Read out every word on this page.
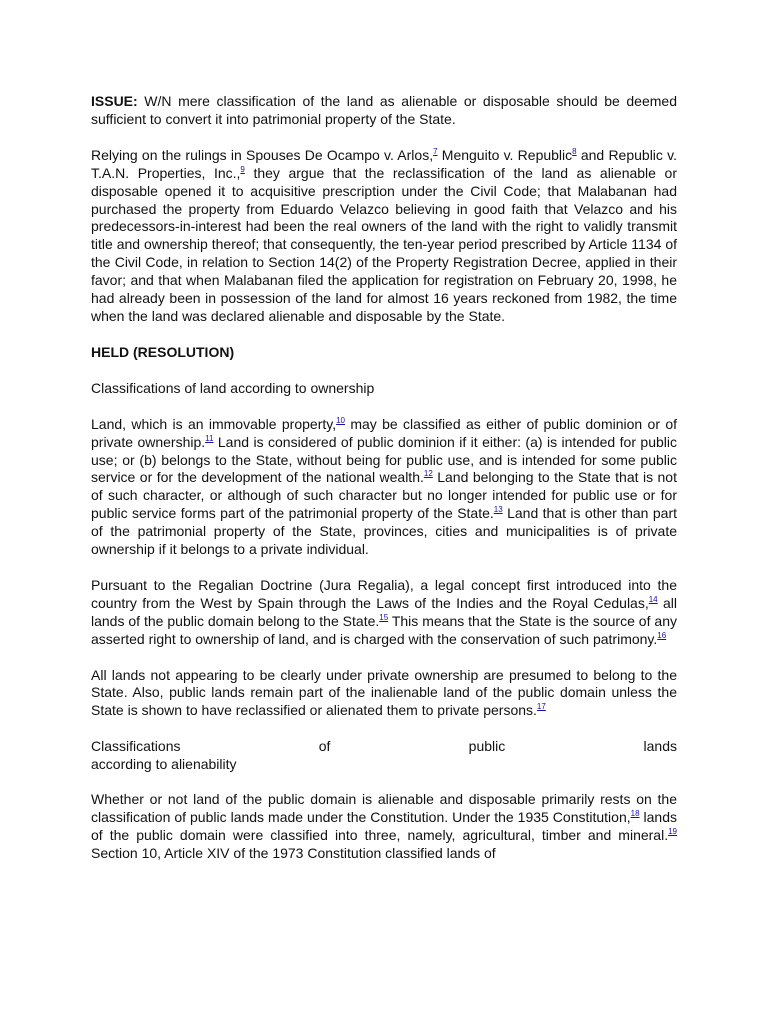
ISSUE: W/N mere classification of the land as alienable or disposable should be deemed sufficient to convert it into patrimonial property of the State.

Relying on the rulings in Spouses De Ocampo v. Arlos,$^7$ Menguito v. Republic$^8$ and Republic v. T.A.N. Properties, Inc.,$^9$ they argue that the reclassification of the land as alienable or disposable opened it to acquisitive prescription under the Civil Code; that Malabanan had purchased the property from Eduardo Velazco believing in good faith that Velazco and his predecessors-in-interest had been the real owners of the land with the right to validly transmit title and ownership thereof; that consequently, the ten-year period prescribed by Article 1134 of the Civil Code, in relation to Section 14(2) of the Property Registration Decree, applied in their favor; and that when Malabanan filed the application for registration on February 20, 1998, he had already been in possession of the land for almost 16 years reckoned from 1982, the time when the land was declared alienable and disposable by the State.

HELD (RESOLUTION)

Classifications of land according to ownership

Land, which is an immovable property,$^{10}$ may be classified as either of public dominion or of private ownership.$^{11}$ Land is considered of public dominion if it either: (a) is intended for public use; or (b) belongs to the State, without being for public use, and is intended for some public service or for the development of the national wealth.$^{12}$ Land belonging to the State that is not of such character, or although of such character but no longer intended for public use or for public service forms part of the patrimonial property of the State.$^{13}$ Land that is other than part of the patrimonial property of the State, provinces, cities and municipalities is of private ownership if it belongs to a private individual.

Pursuant to the Regalian Doctrine (Jura Regalia), a legal concept first introduced into the country from the West by Spain through the Laws of the Indies and the Royal Cedulas,$^{14}$ all lands of the public domain belong to the State.$^{15}$ This means that the State is the source of any asserted right to ownership of land, and is charged with the conservation of such patrimony.$^{16}$

All lands not appearing to be clearly under private ownership are presumed to belong to the State. Also, public lands remain part of the inalienable land of the public domain unless the State is shown to have reclassified or alienated them to private persons.$^{17}$

Classifications	of	public	lands
according to alienability

Whether or not land of the public domain is alienable and disposable primarily rests on the classification of public lands made under the Constitution. Under the 1935 Constitution,$^{18}$ lands of the public domain were classified into three, namely, agricultural, timber and mineral.$^{19}$ Section 10, Article XIV of the 1973 Constitution classified lands of
